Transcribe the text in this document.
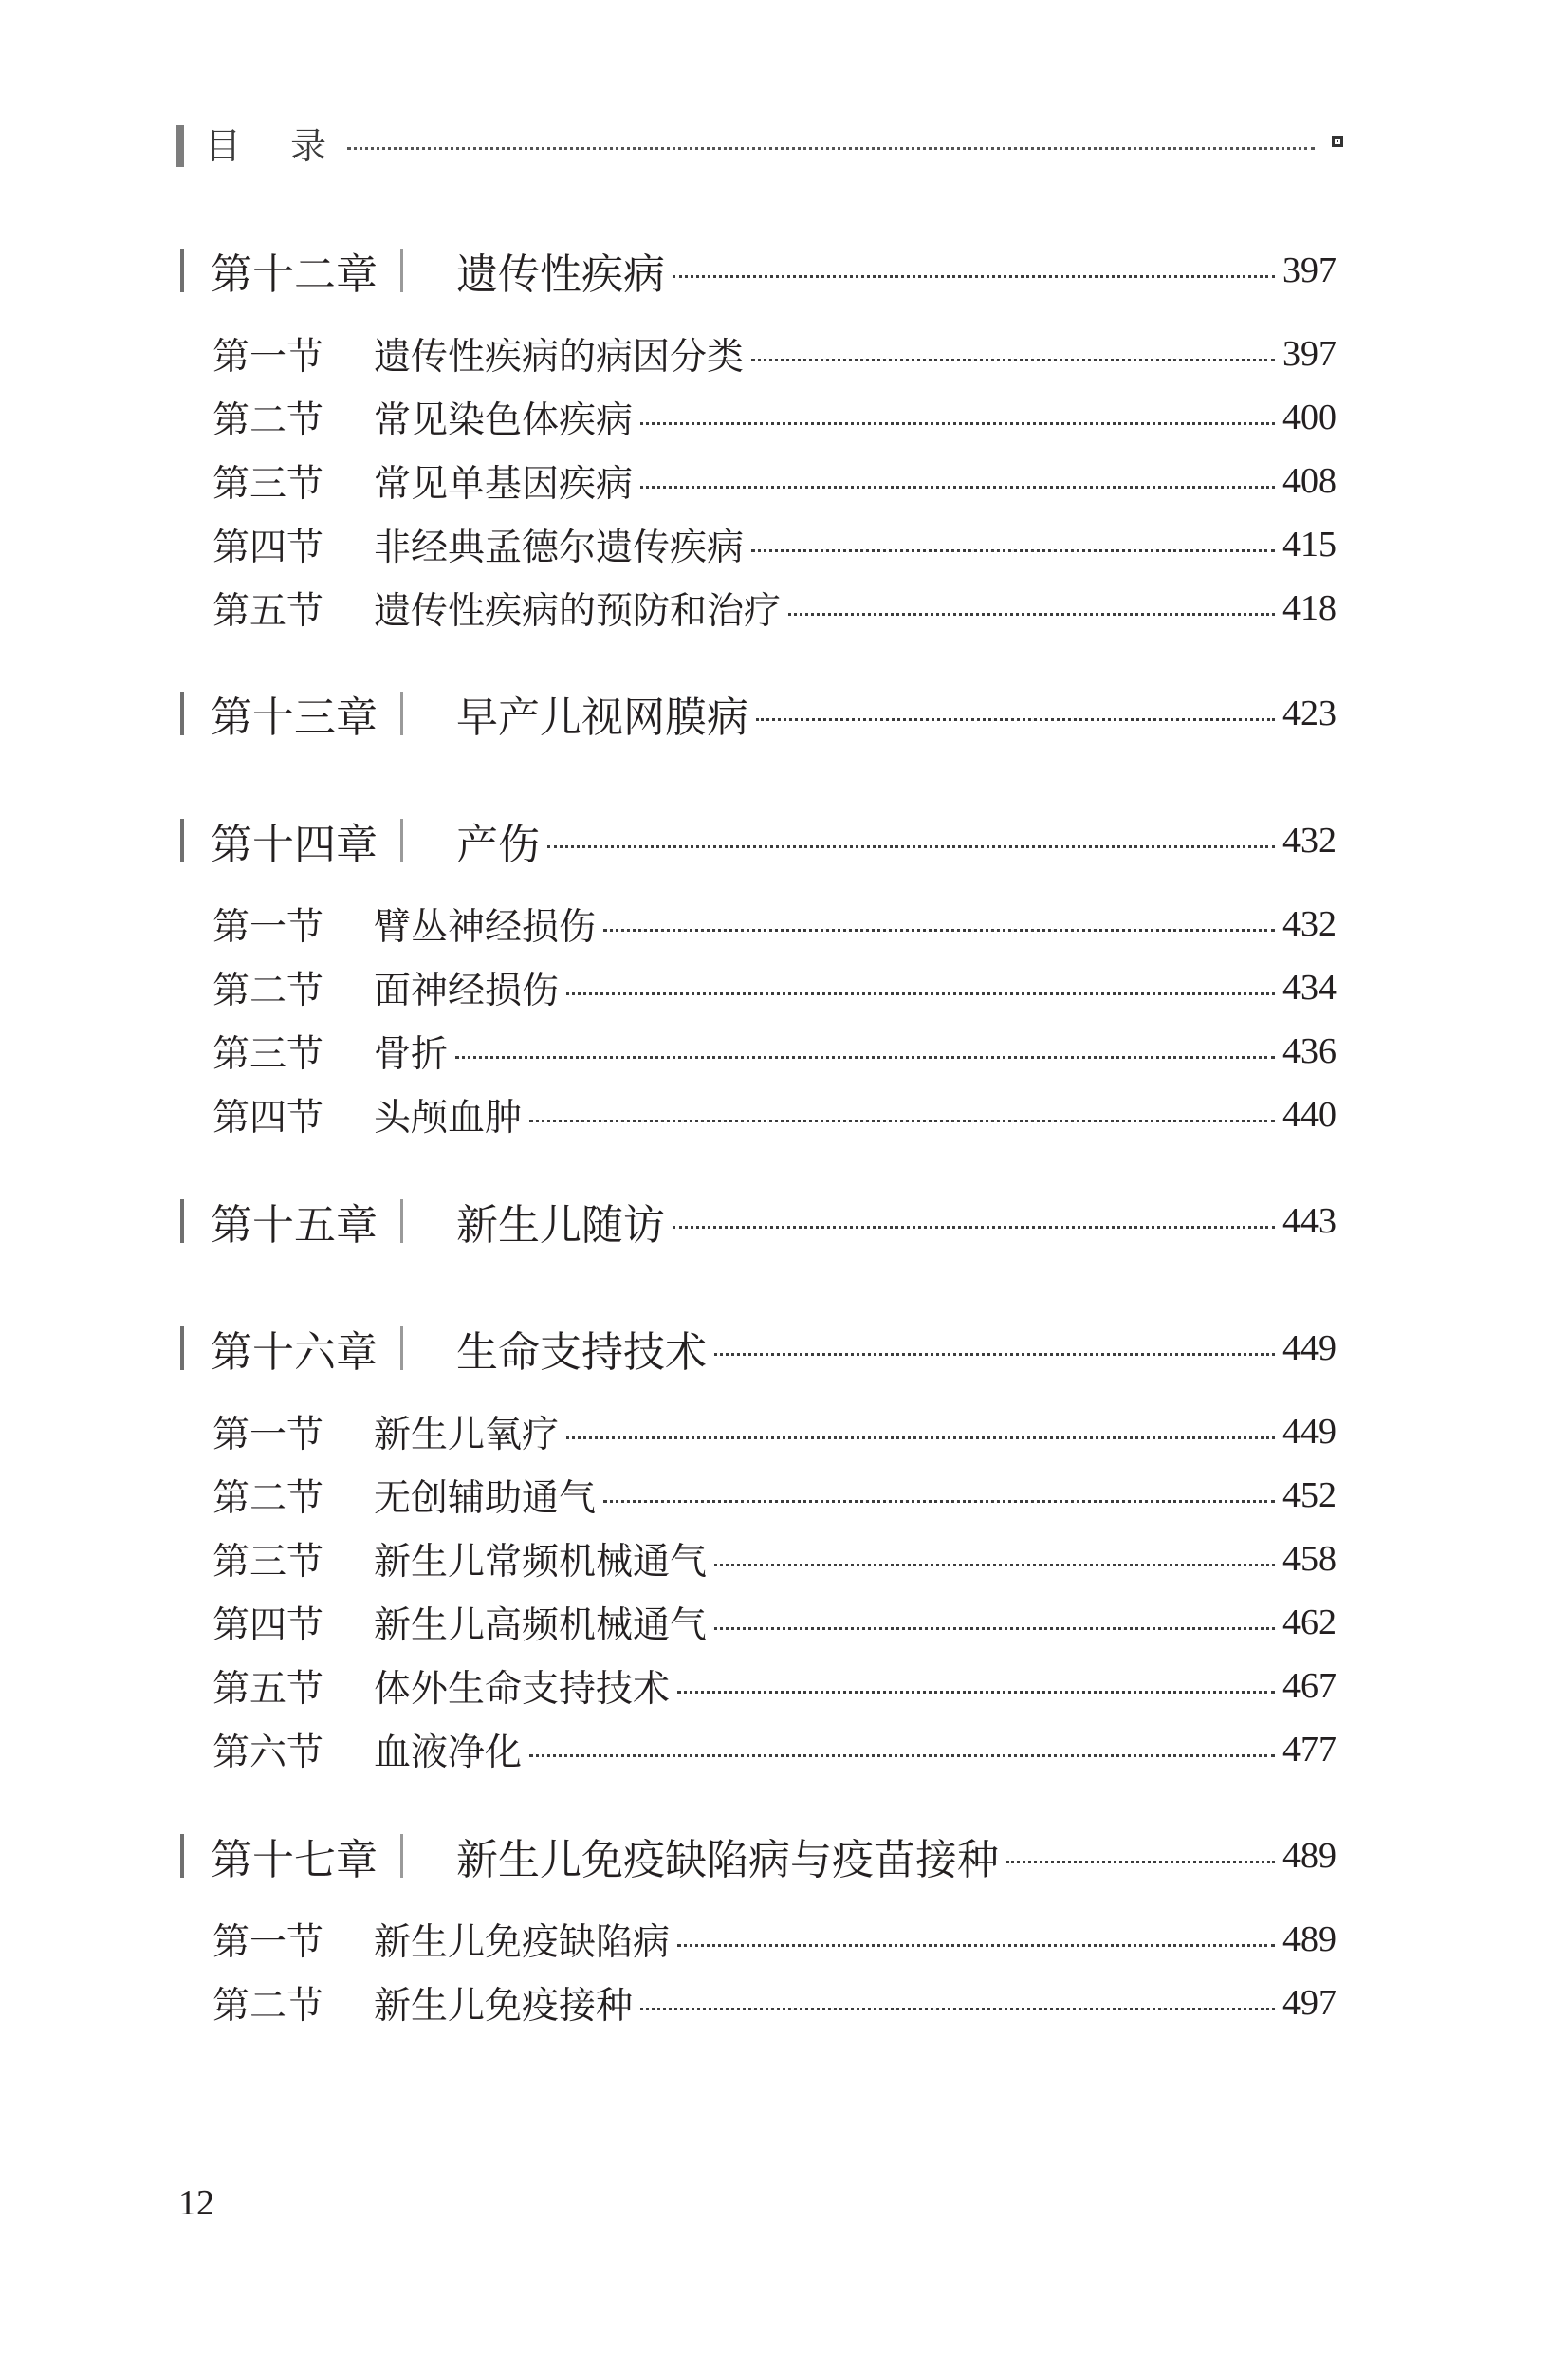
目 录
第十二章	遗传性疾病	397
第一节	遗传性疾病的病因分类	397
第二节	常见染色体疾病	400
第三节	常见单基因疾病	408
第四节	非经典孟德尔遗传疾病	415
第五节	遗传性疾病的预防和治疗	418
第十三章	早产儿视网膜病	423
第十四章	产伤	432
第一节	臂丛神经损伤	432
第二节	面神经损伤	434
第三节	骨折	436
第四节	头颅血肿	440
第十五章	新生儿随访	443
第十六章	生命支持技术	449
第一节	新生儿氧疗	449
第二节	无创辅助通气	452
第三节	新生儿常频机械通气	458
第四节	新生儿高频机械通气	462
第五节	体外生命支持技术	467
第六节	血液净化	477
第十七章	新生儿免疫缺陷病与疫苗接种	489
第一节	新生儿免疫缺陷病	489
第二节	新生儿免疫接种	497
12
